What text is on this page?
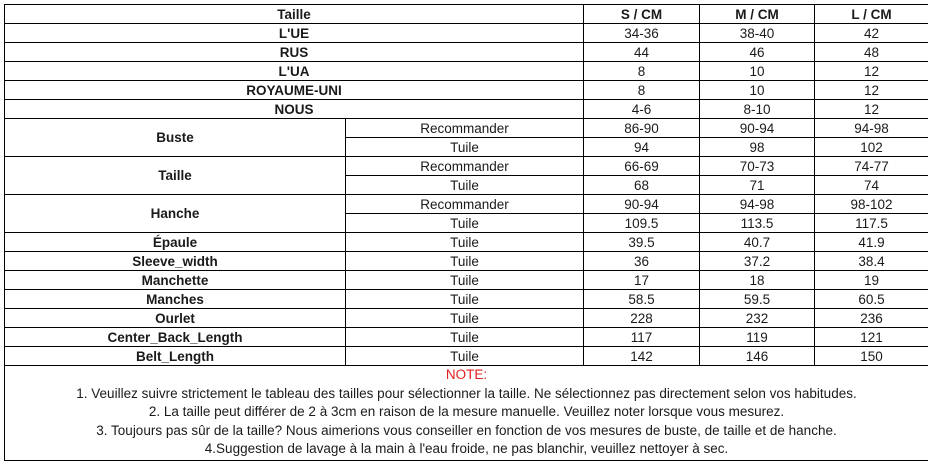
Taille		S / CM	M / CM	L / CM
L'UE		34-36	38-40	42
RUS		44	46	48
L'UA		8	10	12
ROYAUME-UNI		8	10	12
NOUS		4-6	8-10	12
Buste	Recommander	86-90	90-94	94-98
	Tuile	94	98	102
Taille	Recommander	66-69	70-73	74-77
	Tuile	68	71	74
Hanche	Recommander	90-94	94-98	98-102
	Tuile	109.5	113.5	117.5
Épaule	Tuile	39.5	40.7	41.9
Sleeve_width	Tuile	36	37.2	38.4
Manchette	Tuile	17	18	19
Manches	Tuile	58.5	59.5	60.5
Ourlet	Tuile	228	232	236
Center_Back_Length	Tuile	117	119	121
Belt_Length	Tuile	142	146	150

NOTE:
1. Veuillez suivre strictement le tableau des tailles pour sélectionner la taille. Ne sélectionnez pas directement selon vos habitudes.
2. La taille peut différer de 2 à 3cm en raison de la mesure manuelle. Veuillez noter lorsque vous mesurez.
3. Toujours pas sûr de la taille? Nous aimerions vous conseiller en fonction de vos mesures de buste, de taille et de hanche.
4.Suggestion de lavage à la main à l'eau froide, ne pas blanchir, veuillez nettoyer à sec.				
